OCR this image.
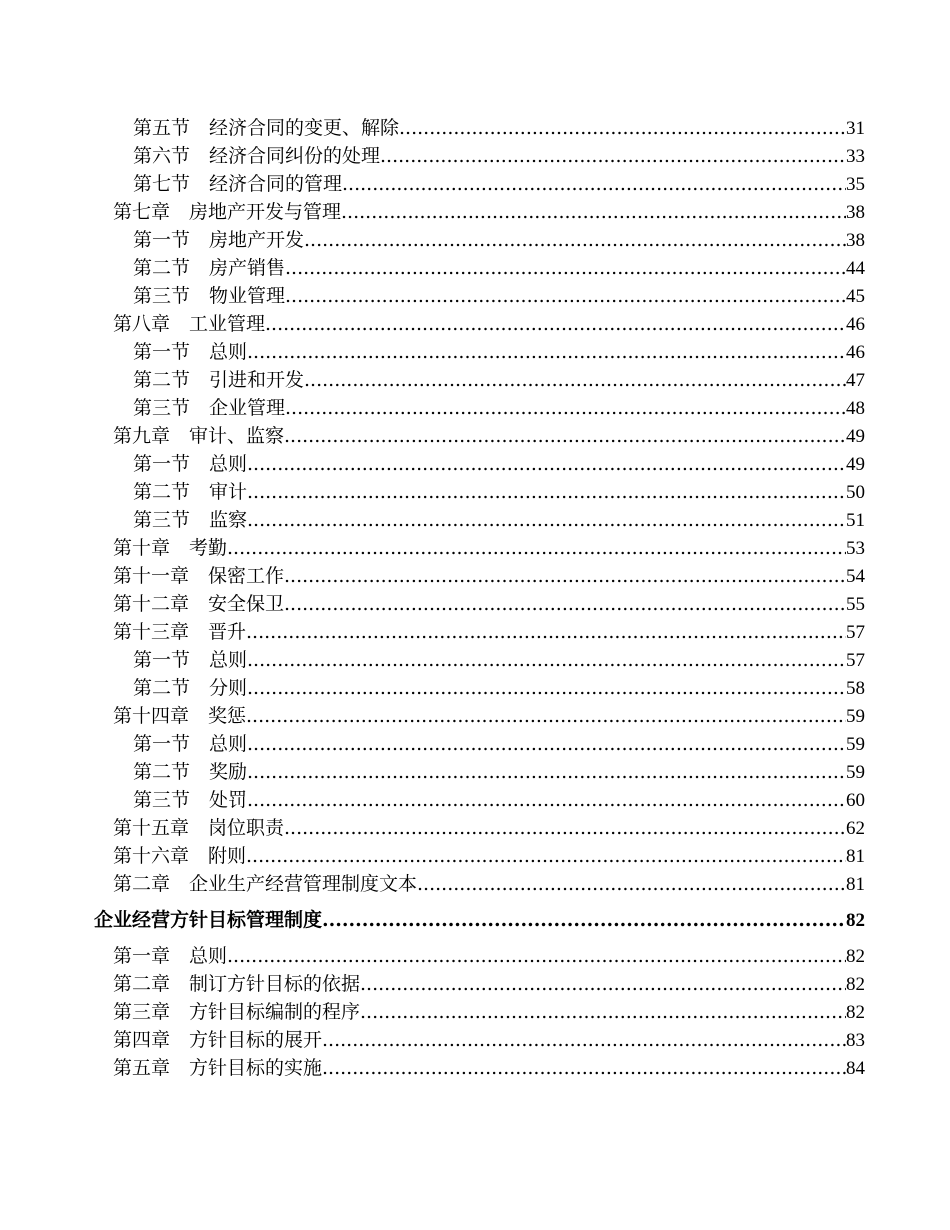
第五节　经济合同的变更、解除 .....	31
第六节　经济合同纠份的处理 .....	33
第七节　经济合同的管理 .....	35
第七章　房地产开发与管理 .....	38
第一节　房地产开发 .....	38
第二节　房产销售 .....	44
第三节　物业管理 .....	45
第八章　工业管理 .....	46
第一节　总则 .....	46
第二节　引进和开发 .....	47
第三节　企业管理 .....	48
第九章　审计、监察 .....	49
第一节　总则 .....	49
第二节　审计 .....	50
第三节　监察 .....	51
第十章　考勤 .....	53
第十一章　保密工作 .....	54
第十二章　安全保卫 .....	55
第十三章　晋升 .....	57
第一节　总则 .....	57
第二节　分则 .....	58
第十四章　奖惩 .....	59
第一节　总则 .....	59
第二节　奖励 .....	59
第三节　处罚 .....	60
第十五章　岗位职责 .....	62
第十六章　附则 .....	81
第二章　企业生产经营管理制度文本 .....	81
企业经营方针目标管理制度 .....	82
第一章　总则 .....	82
第二章　制订方针目标的依据 .....	82
第三章　方针目标编制的程序 .....	82
第四章　方针目标的展开 .....	83
第五章　方针目标的实施 .....	84
